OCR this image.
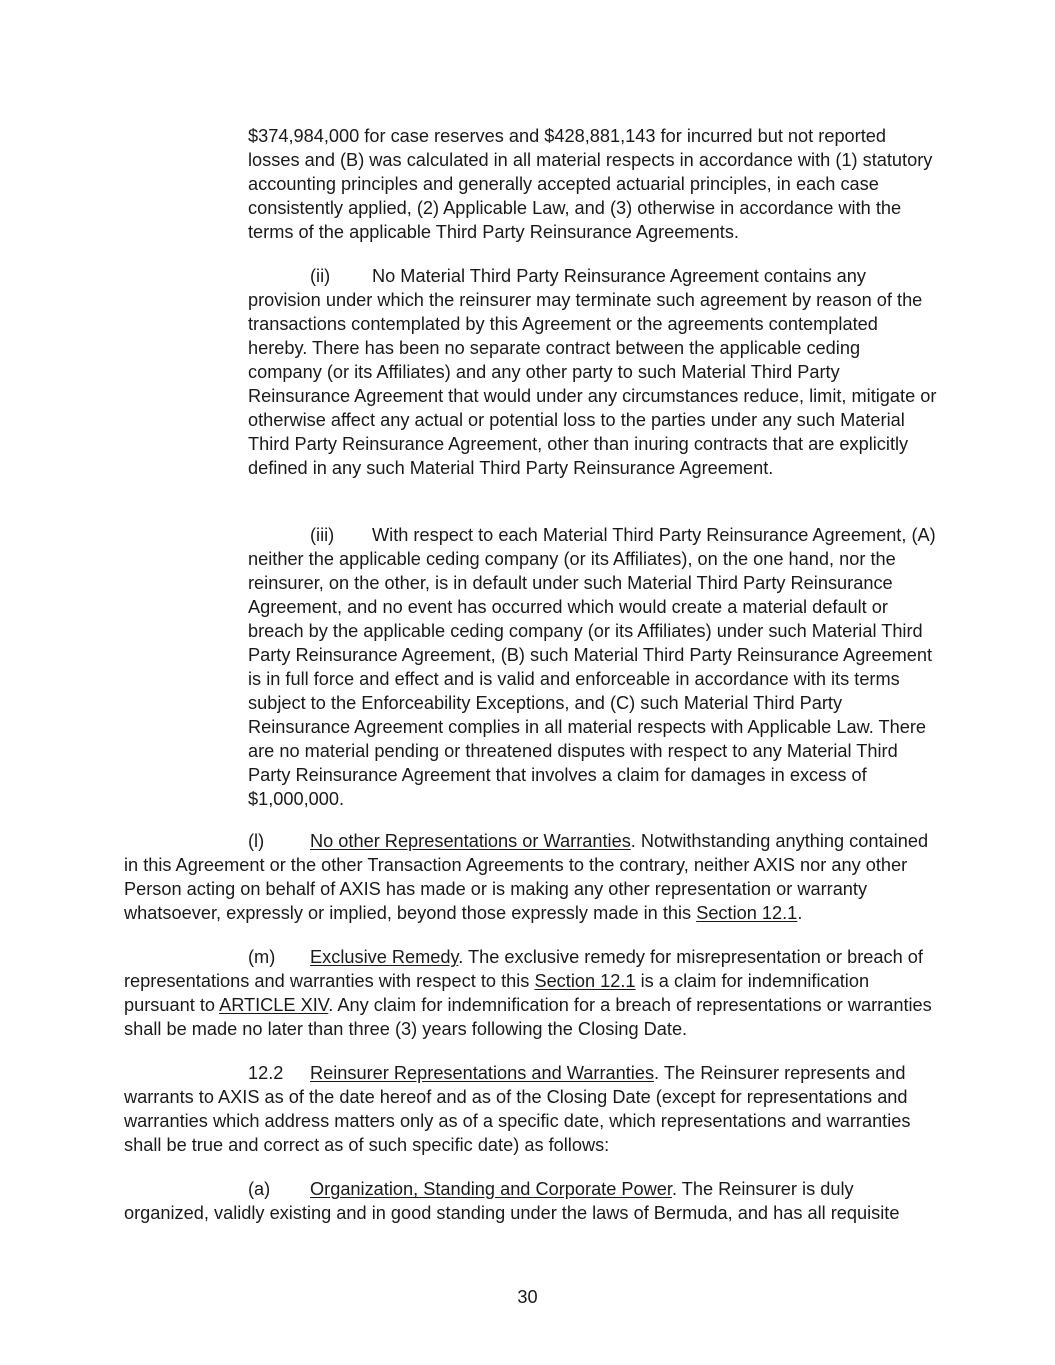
$374,984,000 for case reserves and $428,881,143 for incurred but not reported losses and (B) was calculated in all material respects in accordance with (1) statutory accounting principles and generally accepted actuarial principles, in each case consistently applied, (2) Applicable Law, and (3) otherwise in accordance with the terms of the applicable Third Party Reinsurance Agreements.

(ii) No Material Third Party Reinsurance Agreement contains any provision under which the reinsurer may terminate such agreement by reason of the transactions contemplated by this Agreement or the agreements contemplated hereby. There has been no separate contract between the applicable ceding company (or its Affiliates) and any other party to such Material Third Party Reinsurance Agreement that would under any circumstances reduce, limit, mitigate or otherwise affect any actual or potential loss to the parties under any such Material Third Party Reinsurance Agreement, other than inuring contracts that are explicitly defined in any such Material Third Party Reinsurance Agreement.

(iii) With respect to each Material Third Party Reinsurance Agreement, (A) neither the applicable ceding company (or its Affiliates), on the one hand, nor the reinsurer, on the other, is in default under such Material Third Party Reinsurance Agreement, and no event has occurred which would create a material default or breach by the applicable ceding company (or its Affiliates) under such Material Third Party Reinsurance Agreement, (B) such Material Third Party Reinsurance Agreement is in full force and effect and is valid and enforceable in accordance with its terms subject to the Enforceability Exceptions, and (C) such Material Third Party Reinsurance Agreement complies in all material respects with Applicable Law. There are no material pending or threatened disputes with respect to any Material Third Party Reinsurance Agreement that involves a claim for damages in excess of $1,000,000.

(l)	No other Representations or Warranties. Notwithstanding anything contained in this Agreement or the other Transaction Agreements to the contrary, neither AXIS nor any other Person acting on behalf of AXIS has made or is making any other representation or warranty whatsoever, expressly or implied, beyond those expressly made in this Section 12.1.

(m) Exclusive Remedy. The exclusive remedy for misrepresentation or breach of representations and warranties with respect to this Section 12.1 is a claim for indemnification pursuant to ARTICLE XIV. Any claim for indemnification for a breach of representations or warranties shall be made no later than three (3) years following the Closing Date.

12.2 Reinsurer Representations and Warranties. The Reinsurer represents and warrants to AXIS as of the date hereof and as of the Closing Date (except for representations and warranties which address matters only as of a specific date, which representations and warranties shall be true and correct as of such specific date) as follows:

(a) Organization, Standing and Corporate Power. The Reinsurer is duly organized, validly existing and in good standing under the laws of Bermuda, and has all requisite

30
